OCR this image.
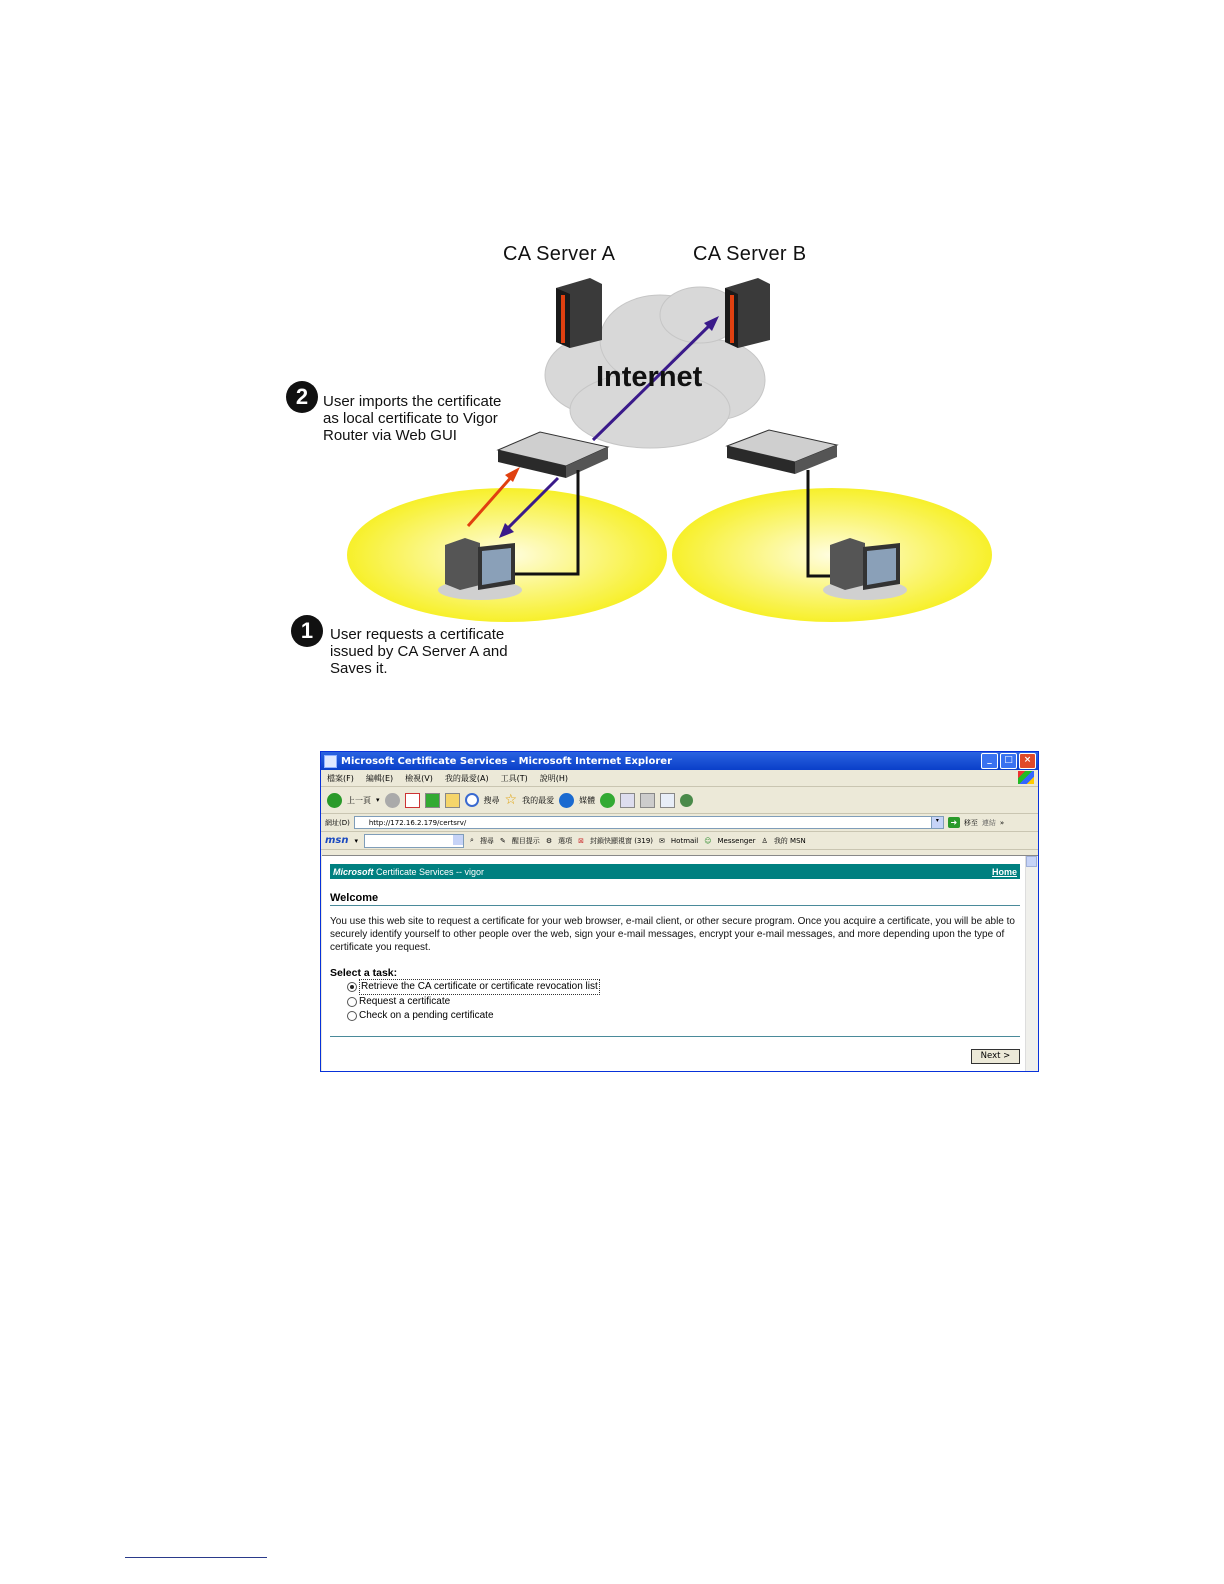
CA Server A	CA Server B
Internet
2 User imports the certificate
as local certificate to Vigor
Router via Web GUI
1	User requests a certificate
issued by CA Server A and
Saves it.
Microsoft Certificate Services - Microsoft Internet Explorer	_	□	×
檔案(F) 編輯(E) 檢視(V) 我的最愛(A) 工具(T) 說明(H)
上一頁 ▾	搜尋 ☆ 我的最愛	媒體
網址(D)	http://172.16.2.179/certsrv/	▾	➜ 移至 連結 »
msn ▾	⌕ 搜尋 ✎ 醒目提示 ⚙ 選項 ⊠ 封鎖快顯視窗 (319) ✉ Hotmail ☺ Messenger ♙ 我的 MSN
Microsoft Certificate Services -- vigor	Home
Welcome
You use this web site to request a certificate for your web browser, e-mail client, or other secure program. Once you acquire a certificate, you will be able to securely identify yourself to other people over the web, sign your e-mail messages, encrypt your e-mail messages, and more depending upon the type of certificate you request.
Select a task:
Retrieve the CA certificate or certificate revocation list
Request a certificate
Check on a pending certificate
Next >
